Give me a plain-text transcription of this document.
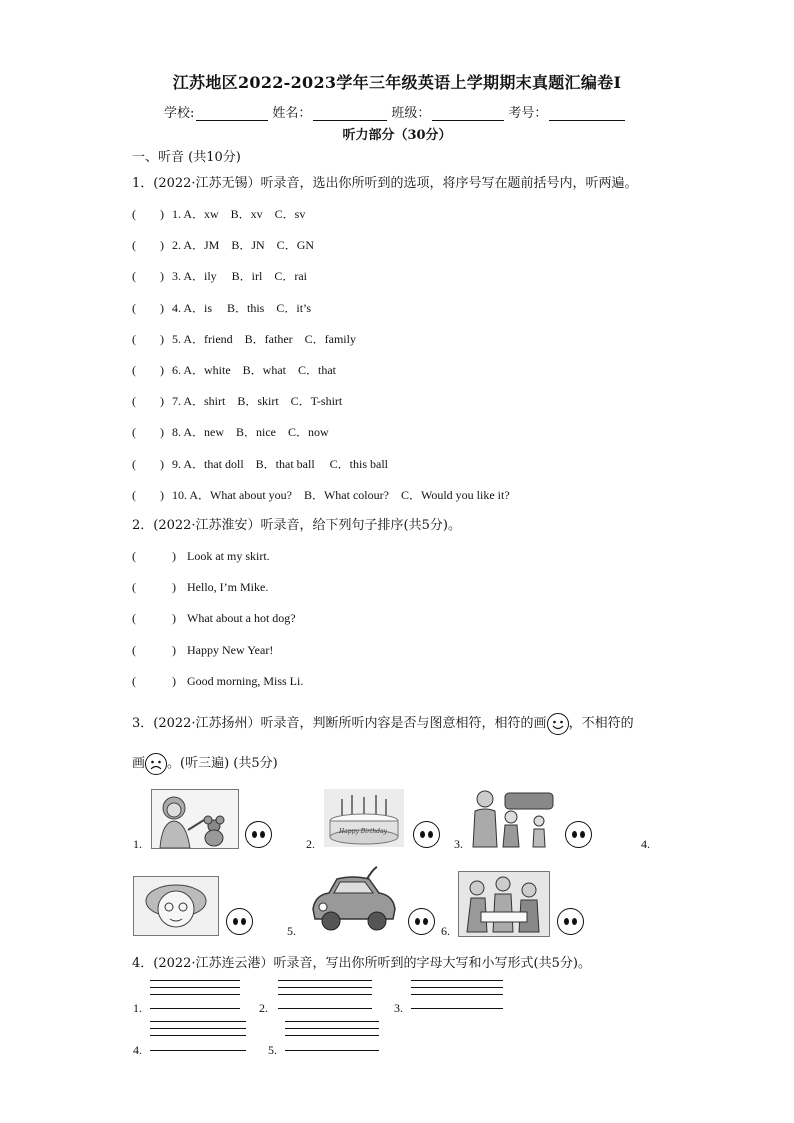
江苏地区2022-2023学年三年级英语上学期期末真题汇编卷Ⅰ
学校:	姓名：	班级：	考号：
听力部分（30分）
一、听音 (共10分)
1．(2022·江苏无锡）听录音，选出你所听到的选项，将序号写在题前括号内，听两遍。
(　　) 1. A．xw　B．xv　C．sv
(　　) 2. A．JM　B．JN　C．GN
(　　) 3. A．ily　 B．irl　C．rai
(　　) 4. A．is　 B．this　C．it’s
(　　) 5. A．friend　B．father　C．family
(　　) 6. A．white　B．what　C．that
(　　) 7. A．shirt　B．skirt　C．T-shirt
(　　) 8. A．new　B．nice　C．now
(　　) 9. A．that doll　B．that ball　 C．this ball
(　　) 10. A．What about you?　B．What colour?　C．Would you like it?
2．(2022·江苏淮安）听录音，给下列句子排序(共5分)。
(　　　) Look at my skirt.
(　　　) Hello, I’m Mike.
(　　　) What about a hot dog?
(　　　) Happy New Year!
(　　　) Good morning, Miss Li.
3．(2022·江苏扬州）听录音，判断所听内容是否与图意相符，相符的画 ，不相符的
画 。(听三遍) (共5分)
1.	2.
Happy Birthday
3.	4.
5.	6.
4．(2022·江苏连云港）听录音，写出你所听到的字母大写和小写形式(共5分)。
1.	2.	3.
4.	5.
